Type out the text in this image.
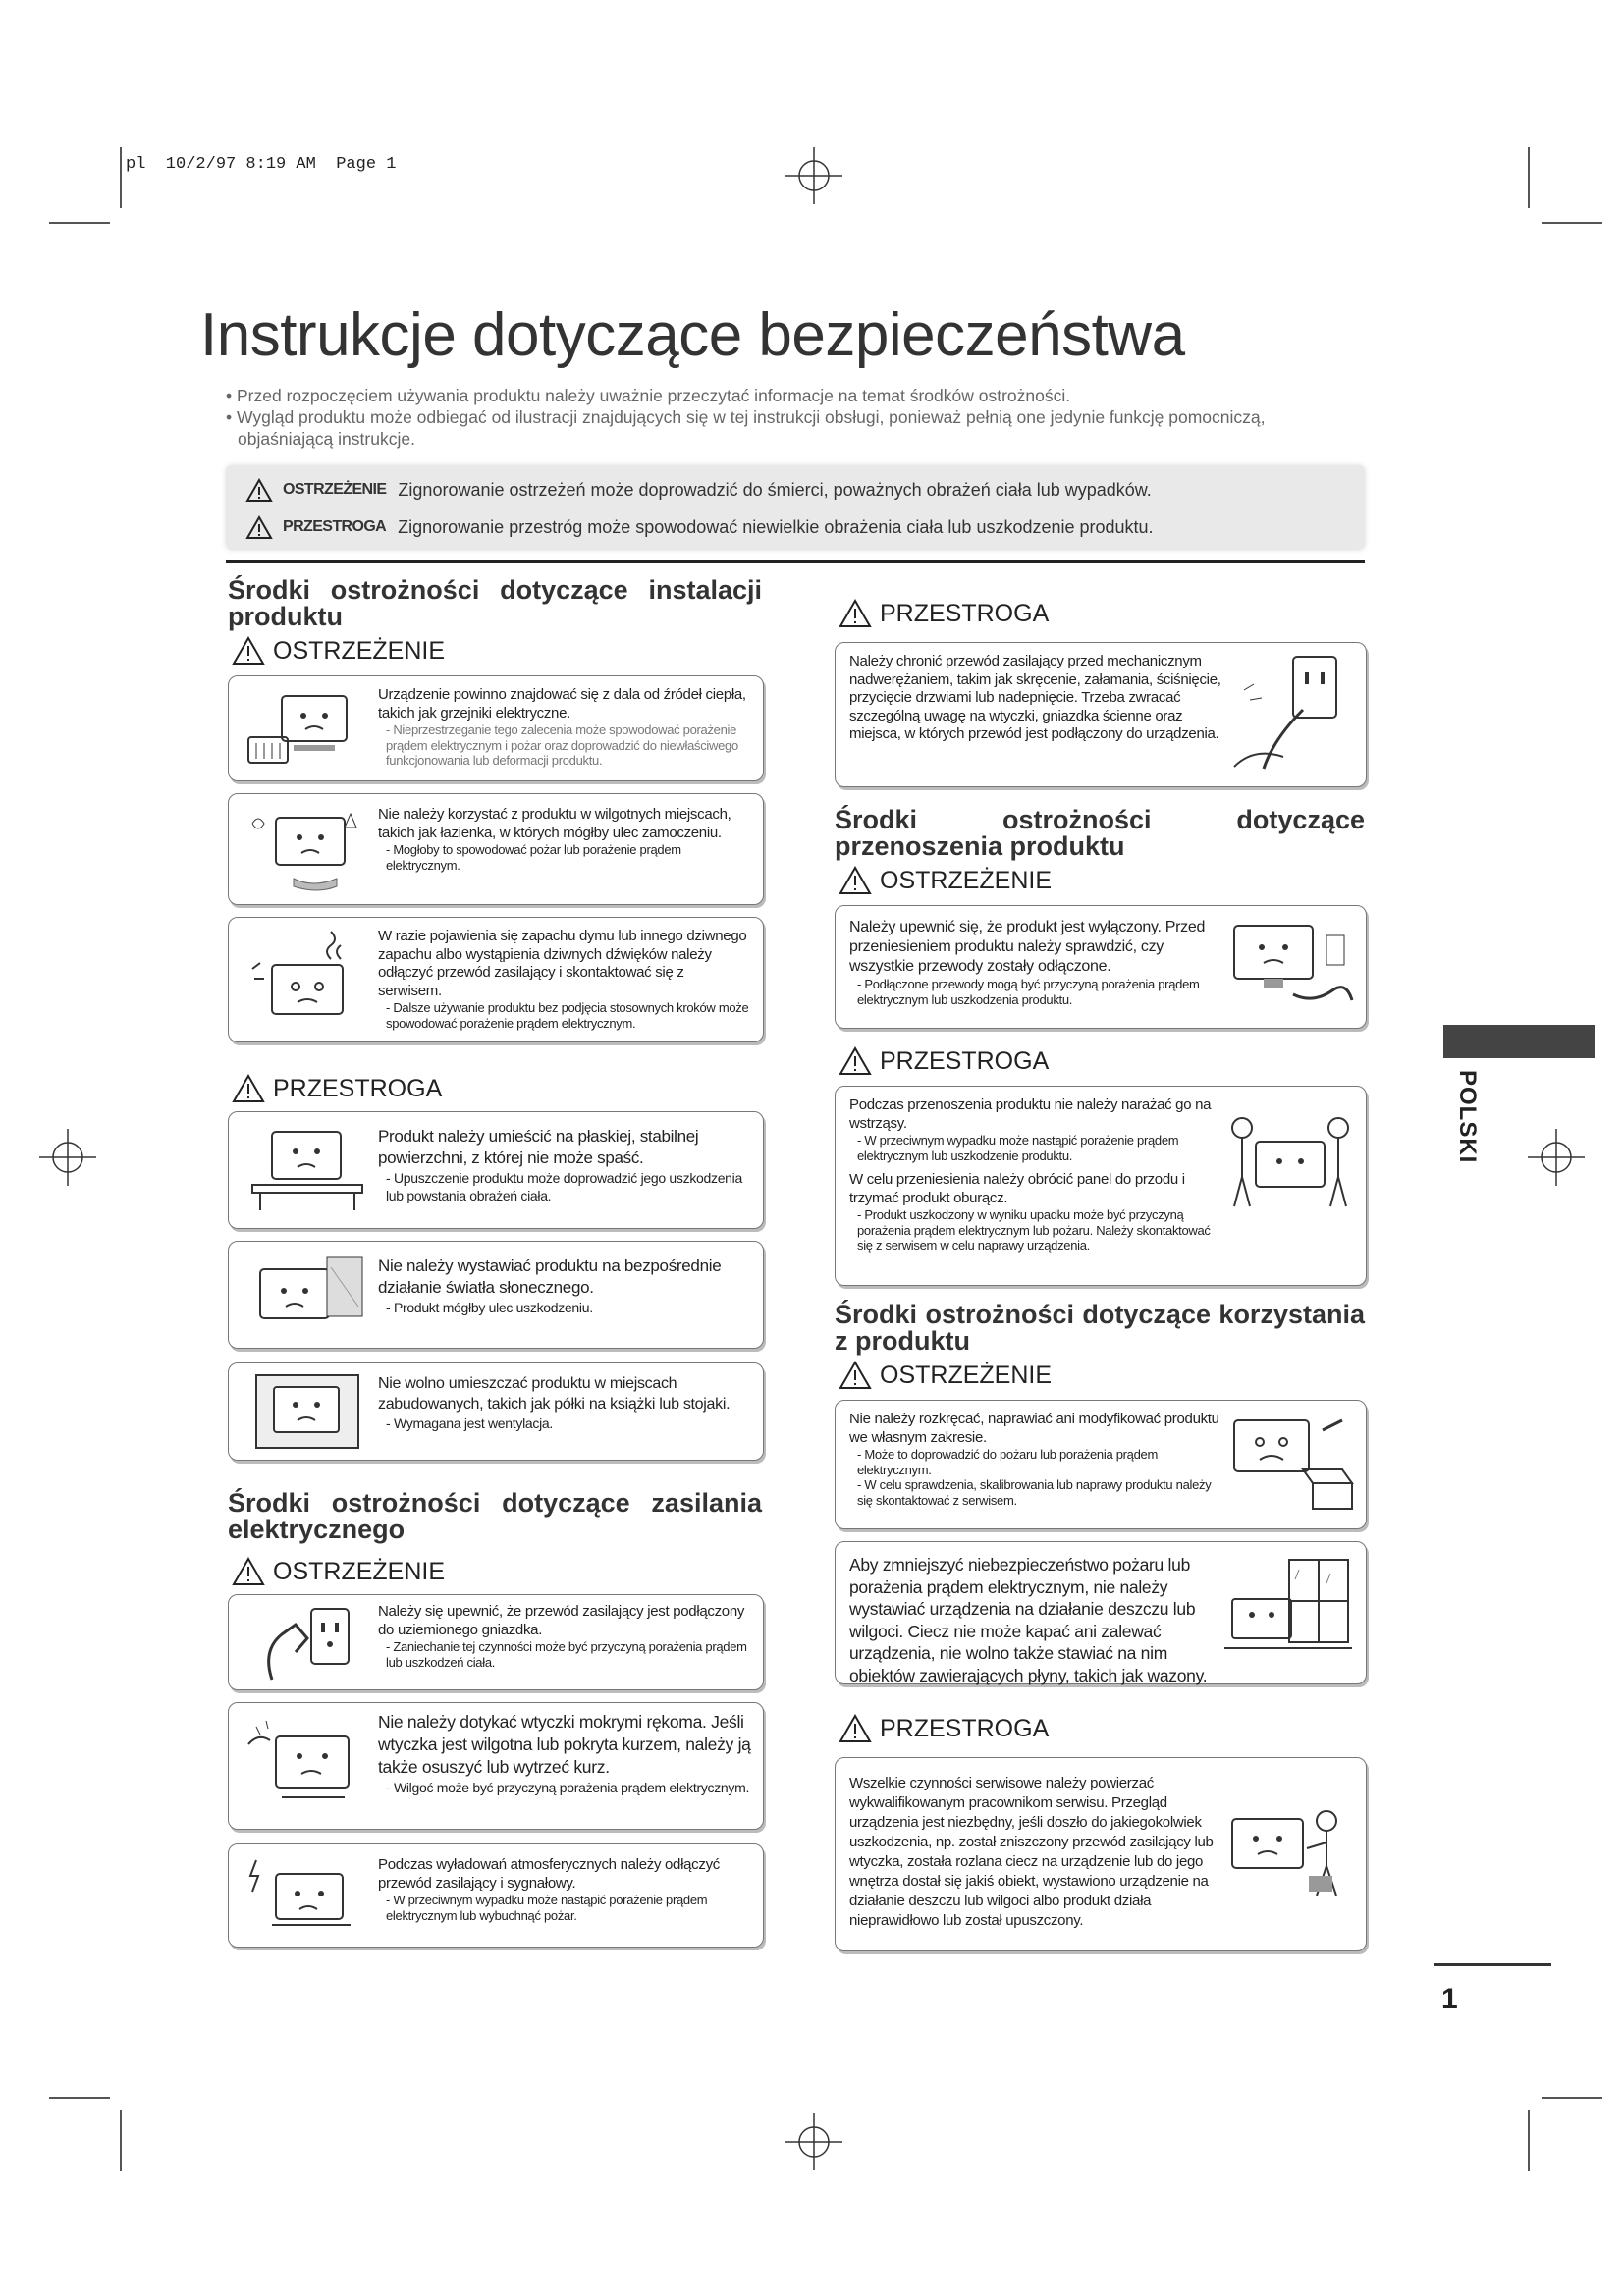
pl  10/2/97 8:19 AM  Page 1
Instrukcje dotyczące bezpieczeństwa

• Przed rozpoczęciem używania produktu należy uważnie przeczytać informacje na temat środków ostrożności.

• Wygląd produktu może odbiegać od ilustracji znajdujących się w tej instrukcji obsługi, ponieważ pełnią one jedynie funkcję pomocniczą, objaśniającą instrukcje.

OSTRZEŻENIE Zignorowanie ostrzeżeń może doprowadzić do śmierci, poważnych obrażeń ciała lub wypadków.
PRZESTROGA Zignorowanie przestróg może spowodować niewielkie obrażenia ciała lub uszkodzenie produktu.
Środki ostrożności dotyczące instalacji produktu
OSTRZEŻENIE

Urządzenie powinno znajdować się z dala od źródeł ciepła, takich jak grzejniki elektryczne.

- Nieprzestrzeganie tego zalecenia może spowodować porażenie prądem elektrycznym i pożar oraz doprowadzić do niewłaściwego funkcjonowania lub deformacji produktu.

Nie należy korzystać z produktu w wilgotnych miejscach, takich jak łazienka, w których mógłby ulec zamoczeniu.

- Mogłoby to spowodować pożar lub porażenie prądem elektrycznym.

W razie pojawienia się zapachu dymu lub innego dziwnego zapachu albo wystąpienia dziwnych dźwięków należy odłączyć przewód zasilający i skontaktować się z serwisem.

- Dalsze używanie produktu bez podjęcia stosownych kroków może spowodować porażenie prądem elektrycznym.

PRZESTROGA

Produkt należy umieścić na płaskiej, stabilnej powierzchni, z której nie może spaść.

- Upuszczenie produktu może doprowadzić jego uszkodzenia lub powstania obrażeń ciała.

Nie należy wystawiać produktu na bezpośrednie działanie światła słonecznego.

- Produkt mógłby ulec uszkodzeniu.

Nie wolno umieszczać produktu w miejscach zabudowanych, takich jak półki na książki lub stojaki.

- Wymagana jest wentylacja.

Środki ostrożności dotyczące zasilania elektrycznego
OSTRZEŻENIE

Należy się upewnić, że przewód zasilający jest podłączony do uziemionego gniazdka.

- Zaniechanie tej czynności może być przyczyną porażenia prądem lub uszkodzeń ciała.

Nie należy dotykać wtyczki mokrymi rękoma. Jeśli wtyczka jest wilgotna lub pokryta kurzem, należy ją także osuszyć lub wytrzeć kurz.

- Wilgoć może być przyczyną porażenia prądem elektrycznym.

Podczas wyładowań atmosferycznych należy odłączyć przewód zasilający i sygnałowy.

- W przeciwnym wypadku może nastąpić porażenie prądem elektrycznym lub wybuchnąć pożar.

PRZESTROGA

Należy chronić przewód zasilający przed mechanicznym nadwerężaniem, takim jak skręcenie, załamania, ściśnięcie, przycięcie drzwiami lub nadepnięcie. Trzeba zwracać szczególną uwagę na wtyczki, gniazdka ścienne oraz miejsca, w których przewód jest podłączony do urządzenia.

Środki ostrożności dotyczące przenoszenia produktu
OSTRZEŻENIE

Należy upewnić się, że produkt jest wyłączony. Przed przeniesieniem produktu należy sprawdzić, czy wszystkie przewody zostały odłączone.

- Podłączone przewody mogą być przyczyną porażenia prądem elektrycznym lub uszkodzenia produktu.

PRZESTROGA

Podczas przenoszenia produktu nie należy narażać go na wstrząsy.

- W przeciwnym wypadku może nastąpić porażenie prądem elektrycznym lub uszkodzenie produktu.

W celu przeniesienia należy obrócić panel do przodu i trzymać produkt oburącz.

- Produkt uszkodzony w wyniku upadku może być przyczyną porażenia prądem elektrycznym lub pożaru. Należy skontaktować się z serwisem w celu naprawy urządzenia.

Środki ostrożności dotyczące korzystania z produktu
OSTRZEŻENIE

Nie należy rozkręcać, naprawiać ani modyfikować produktu we własnym zakresie.

- Może to doprowadzić do pożaru lub porażenia prądem elektrycznym.

- W celu sprawdzenia, skalibrowania lub naprawy produktu należy się skontaktować z serwisem.

Aby zmniejszyć niebezpieczeństwo pożaru lub porażenia prądem elektrycznym, nie należy wystawiać urządzenia na działanie deszczu lub wilgoci. Ciecz nie może kapać ani zalewać urządzenia, nie wolno także stawiać na nim obiektów zawierających płyny, takich jak wazony.

PRZESTROGA

Wszelkie czynności serwisowe należy powierzać wykwalifikowanym pracownikom serwisu. Przegląd urządzenia jest niezbędny, jeśli doszło do jakiegokolwiek uszkodzenia, np. został zniszczony przewód zasilający lub wtyczka, została rozlana ciecz na urządzenie lub do jego wnętrza dostał się jakiś obiekt, wystawiono urządzenie na działanie deszczu lub wilgoci albo produkt działa nieprawidłowo lub został upuszczony.

POLSKI
1
